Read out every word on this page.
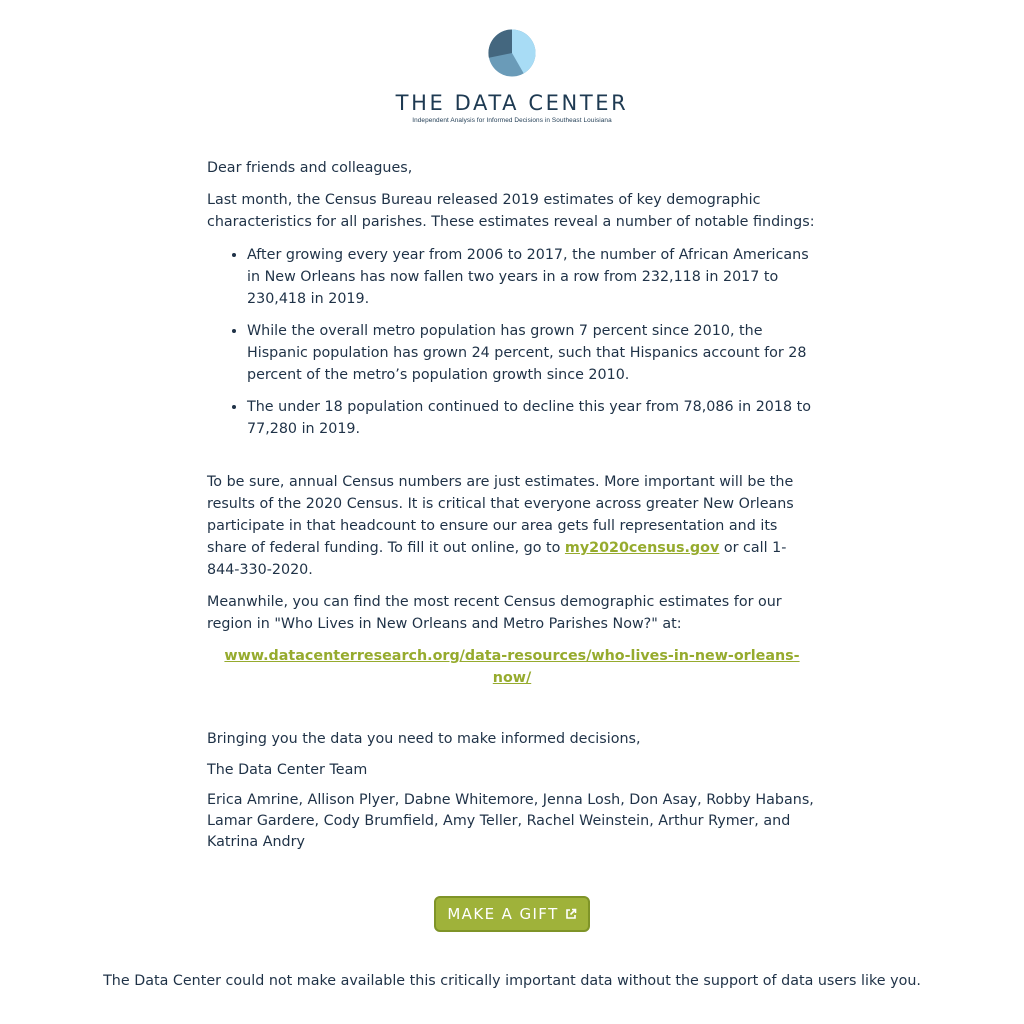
THE DATA CENTER
Independent Analysis for Informed Decisions in Southeast Louisiana

Dear friends and colleagues,

Last month, the Census Bureau released 2019 estimates of key demographic characteristics for all parishes. These estimates reveal a number of notable findings:

• After growing every year from 2006 to 2017, the number of African Americans in New Orleans has now fallen two years in a row from 232,118 in 2017 to 230,418 in 2019.
• While the overall metro population has grown 7 percent since 2010, the Hispanic population has grown 24 percent, such that Hispanics account for 28 percent of the metro’s population growth since 2010.
• The under 18 population continued to decline this year from 78,086 in 2018 to 77,280 in 2019.

To be sure, annual Census numbers are just estimates. More important will be the results of the 2020 Census. It is critical that everyone across greater New Orleans participate in that headcount to ensure our area gets full representation and its share of federal funding. To fill it out online, go to my2020census.gov or call 1-844-330-2020.

Meanwhile, you can find the most recent Census demographic estimates for our region in "Who Lives in New Orleans and Metro Parishes Now?" at:

www.datacenterresearch.org/data-resources/who-lives-in-new-orleans-now/

Bringing you the data you need to make informed decisions,

The Data Center Team

Erica Amrine, Allison Plyer, Dabne Whitemore, Jenna Losh, Don Asay, Robby Habans, Lamar Gardere, Cody Brumfield, Amy Teller, Rachel Weinstein, Arthur Rymer, and Katrina Andry

MAKE A GIFT

The Data Center could not make available this critically important data without the support of data users like you.
